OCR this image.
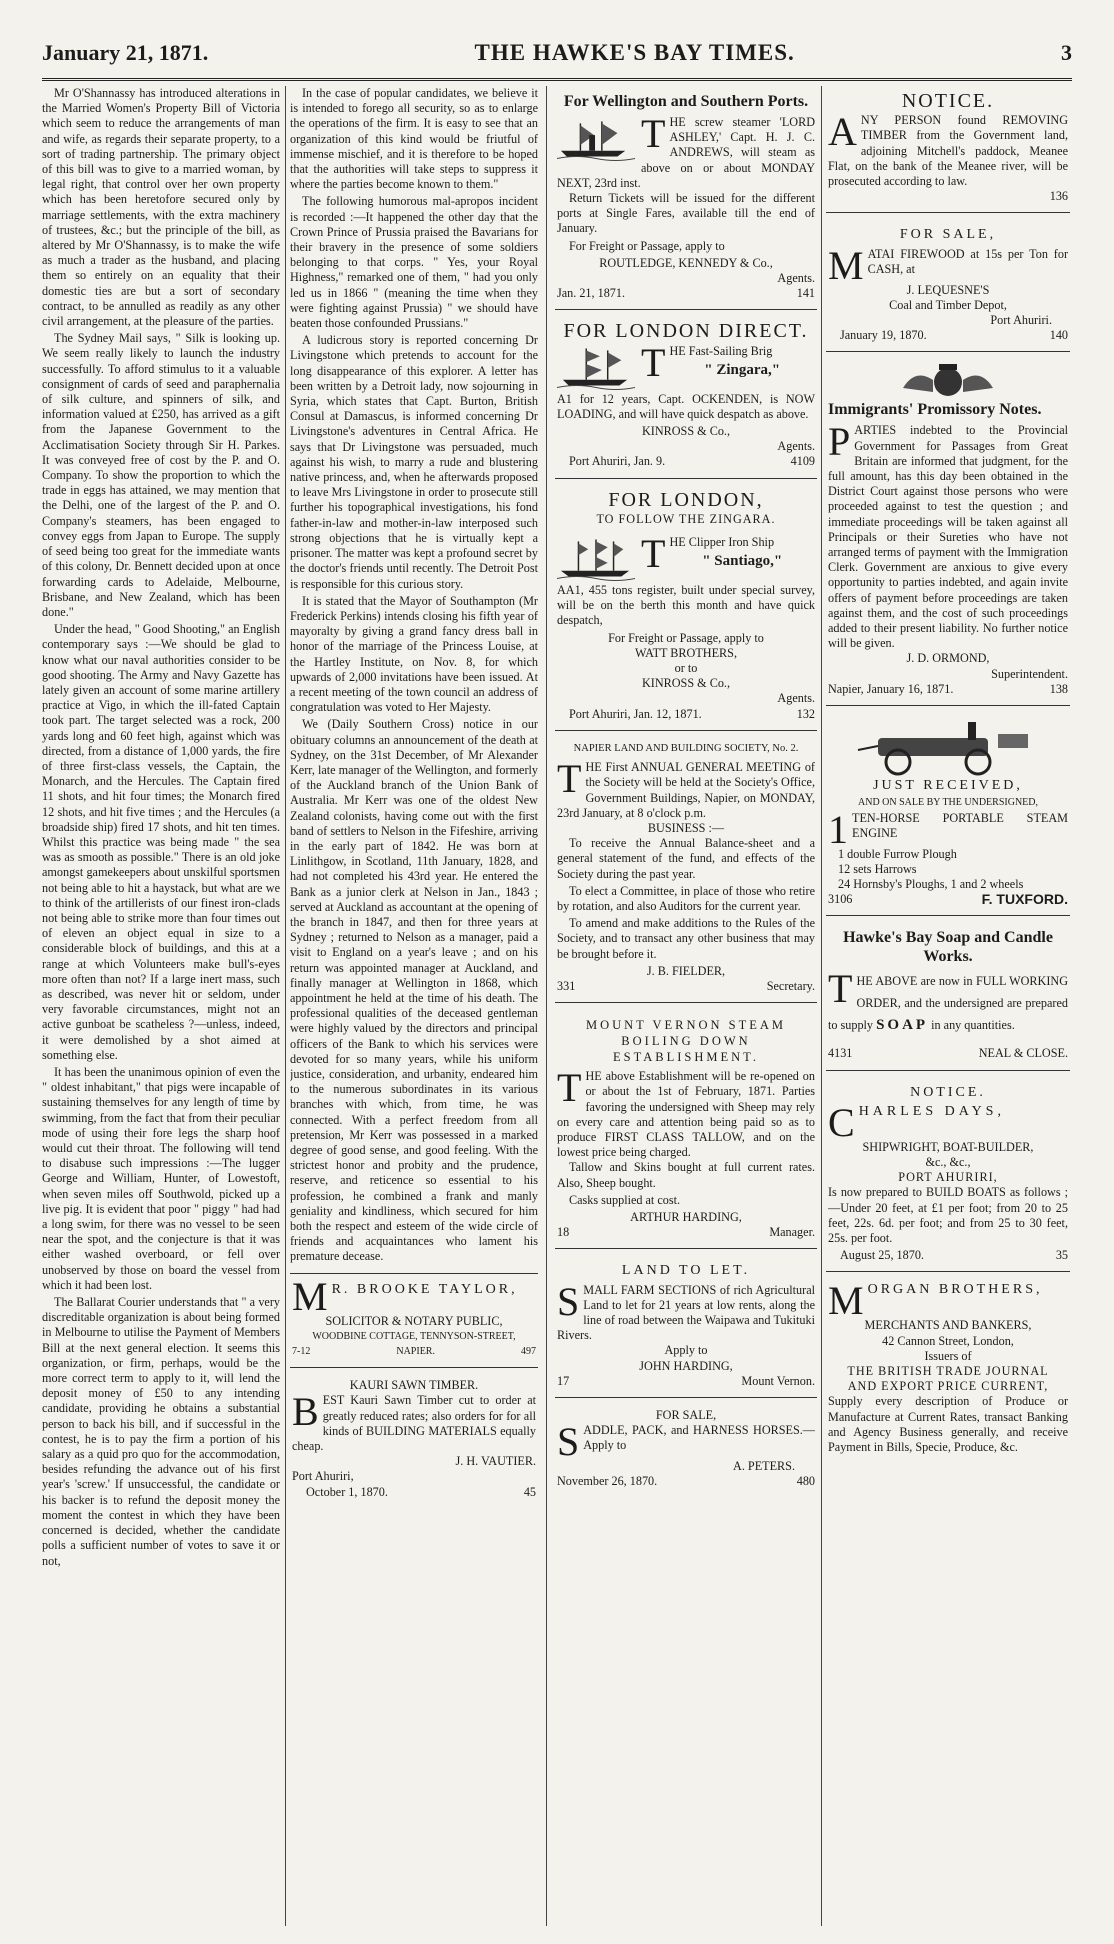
January 21, 1871.	THE HAWKE'S BAY TIMES.	3

Mr O'Shannassy has introduced alterations in the Married Women's Property Bill of Victoria which seem to reduce the arrangements of man and wife, as regards their separate property, to a sort of trading partnership. The primary object of this bill was to give to a married woman, by legal right, that control over her own property which has been heretofore secured only by marriage settlements, with the extra machinery of trustees, &c.; but the principle of the bill, as altered by Mr O'Shannassy, is to make the wife as much a trader as the husband, and placing them so entirely on an equality that their domestic ties are but a sort of secondary contract, to be annulled as readily as any other civil arrangement, at the pleasure of the parties.

The Sydney Mail says, " Silk is looking up. We seem really likely to launch the industry successfully. To afford stimulus to it a valuable consignment of cards of seed and paraphernalia of silk culture, and spinners of silk, and information valued at £250, has arrived as a gift from the Japanese Government to the Acclimatisation Society through Sir H. Parkes. It was conveyed free of cost by the P. and O. Company. To show the proportion to which the trade in eggs has attained, we may mention that the Delhi, one of the largest of the P. and O. Company's steamers, has been engaged to convey eggs from Japan to Europe. The supply of seed being too great for the immediate wants of this colony, Dr. Bennett decided upon at once forwarding cards to Adelaide, Melbourne, Brisbane, and New Zealand, which has been done."

Under the head, " Good Shooting," an English contemporary says :—We should be glad to know what our naval authorities consider to be good shooting. The Army and Navy Gazette has lately given an account of some marine artillery practice at Vigo, in which the ill-fated Captain took part. The target selected was a rock, 200 yards long and 60 feet high, against which was directed, from a distance of 1,000 yards, the fire of three first-class vessels, the Captain, the Monarch, and the Hercules. The Captain fired 11 shots, and hit four times; the Monarch fired 12 shots, and hit five times ; and the Hercules (a broadside ship) fired 17 shots, and hit ten times. Whilst this practice was being made " the sea was as smooth as possible." There is an old joke amongst gamekeepers about unskilful sportsmen not being able to hit a haystack, but what are we to think of the artillerists of our finest iron-clads not being able to strike more than four times out of eleven an object equal in size to a considerable block of buildings, and this at a range at which Volunteers make bull's-eyes more often than not? If a large inert mass, such as described, was never hit or seldom, under very favorable circumstances, might not an active gunboat be scatheless ?—unless, indeed, it were demolished by a shot aimed at something else.

It has been the unanimous opinion of even the " oldest inhabitant," that pigs were incapable of sustaining themselves for any length of time by swimming, from the fact that from their peculiar mode of using their fore legs the sharp hoof would cut their throat. The following will tend to disabuse such impressions :—The lugger George and William, Hunter, of Lowestoft, when seven miles off Southwold, picked up a live pig. It is evident that poor " piggy " had had a long swim, for there was no vessel to be seen near the spot, and the conjecture is that it was either washed overboard, or fell over unobserved by those on board the vessel from which it had been lost.

The Ballarat Courier understands that " a very discreditable organization is about being formed in Melbourne to utilise the Payment of Members Bill at the next general election. It seems this organization, or firm, perhaps, would be the more correct term to apply to it, will lend the deposit money of £50 to any intending candidate, providing he obtains a substantial person to back his bill, and if successful in the contest, he is to pay the firm a portion of his salary as a quid pro quo for the accommodation, besides refunding the advance out of his first year's 'screw.' If unsuccessful, the candidate or his backer is to refund the deposit money the moment the contest in which they have been concerned is decided, whether the candidate polls a sufficient number of votes to save it or not,

In the case of popular candidates, we believe it is intended to forego all security, so as to enlarge the operations of the firm. It is easy to see that an organization of this kind would be friutful of immense mischief, and it is therefore to be hoped that the authorities will take steps to suppress it where the parties become known to them."

The following humorous mal-apropos incident is recorded :—It happened the other day that the Crown Prince of Prussia praised the Bavarians for their bravery in the presence of some soldiers belonging to that corps. " Yes, your Royal Highness," remarked one of them, " had you only led us in 1866 " (meaning the time when they were fighting against Prussia) " we should have beaten those confounded Prussians."

A ludicrous story is reported concerning Dr Livingstone which pretends to account for the long disappearance of this explorer. A letter has been written by a Detroit lady, now sojourning in Syria, which states that Capt. Burton, British Consul at Damascus, is informed concerning Dr Livingstone's adventures in Central Africa. He says that Dr Livingstone was persuaded, much against his wish, to marry a rude and blustering native princess, and, when he afterwards proposed to leave Mrs Livingstone in order to prosecute still further his topographical investigations, his fond father-in-law and mother-in-law interposed such strong objections that he is virtually kept a prisoner. The matter was kept a profound secret by the doctor's friends until recently. The Detroit Post is responsible for this curious story.

It is stated that the Mayor of Southampton (Mr Frederick Perkins) intends closing his fifth year of mayoralty by giving a grand fancy dress ball in honor of the marriage of the Princess Louise, at the Hartley Institute, on Nov. 8, for which upwards of 2,000 invitations have been issued. At a recent meeting of the town council an address of congratulation was voted to Her Majesty.

We (Daily Southern Cross) notice in our obituary columns an announcement of the death at Sydney, on the 31st December, of Mr Alexander Kerr, late manager of the Wellington, and formerly of the Auckland branch of the Union Bank of Australia. Mr Kerr was one of the oldest New Zealand colonists, having come out with the first band of settlers to Nelson in the Fifeshire, arriving in the early part of 1842. He was born at Linlithgow, in Scotland, 11th January, 1828, and had not completed his 43rd year. He entered the Bank as a junior clerk at Nelson in Jan., 1843 ; served at Auckland as accountant at the opening of the branch in 1847, and then for three years at Sydney ; returned to Nelson as a manager, paid a visit to England on a year's leave ; and on his return was appointed manager at Auckland, and finally manager at Wellington in 1868, which appointment he held at the time of his death. The professional qualities of the deceased gentleman were highly valued by the directors and principal officers of the Bank to which his services were devoted for so many years, while his uniform justice, consideration, and urbanity, endeared him to the numerous subordinates in its various branches with which, from time, he was connected. With a perfect freedom from all pretension, Mr Kerr was possessed in a marked degree of good sense, and good feeling. With the strictest honor and probity and the prudence, reserve, and reticence so essential to his profession, he combined a frank and manly geniality and kindliness, which secured for him both the respect and esteem of the wide circle of friends and acquaintances who lament his premature decease.

M R. BROOKE TAYLOR,
SOLICITOR & NOTARY PUBLIC,
WOODBINE COTTAGE, TENNYSON-STREET,
7-12	NAPIER.	497
KAURI SAWN TIMBER.
B EST Kauri Sawn Timber cut to order at greatly reduced rates; also orders for for all kinds of BUILDING MATERIALS equally cheap.
J. H. VAUTIER.
Port Ahuriri,
October 1, 1870.	45
For Wellington and Southern Ports.
T HE screw steamer 'LORD ASHLEY,' Capt. H. J. C. ANDREWS, will steam as above on or about MONDAY NEXT, 23rd inst.

Return Tickets will be issued for the different ports at Single Fares, available till the end of January.

For Freight or Passage, apply to

ROUTLEDGE, KENNEDY & Co.,
Agents.
Jan. 21, 1871.	141
FOR LONDON DIRECT.
T HE Fast-Sailing Brig
" Zingara,"

A1 for 12 years, Capt. OCKENDEN, is NOW LOADING, and will have quick despatch as above.

KINROSS & Co.,
Agents.
Port Ahuriri, Jan. 9.	4109
FOR LONDON,
TO FOLLOW THE ZINGARA.
T HE Clipper Iron Ship
" Santiago,"

AA1, 455 tons register, built under special survey, will be on the berth this month and have quick despatch,

For Freight or Passage, apply to
WATT BROTHERS,
or to
KINROSS & Co.,
Agents.
Port Ahuriri, Jan. 12, 1871.	132
NAPIER LAND AND BUILDING SOCIETY, No. 2.
T HE First ANNUAL GENERAL MEETING of the Society will be held at the Society's Office, Government Buildings, Napier, on MONDAY, 23rd January, at 8 o'clock p.m.
BUSINESS :—

To receive the Annual Balance-sheet and a general statement of the fund, and effects of the Society during the past year.

To elect a Committee, in place of those who retire by rotation, and also Auditors for the current year.

To amend and make additions to the Rules of the Society, and to transact any other business that may be brought before it.

J. B. FIELDER,
331	Secretary.
MOUNT VERNON STEAM BOILING DOWN ESTABLISHMENT.
T HE above Establishment will be re-opened on or about the 1st of February, 1871. Parties favoring the undersigned with Sheep may rely on every care and attention being paid so as to produce FIRST CLASS TALLOW, and on the lowest price being charged.

Tallow and Skins bought at full current rates. Also, Sheep bought.

Casks supplied at cost.

ARTHUR HARDING,
18	Manager.
LAND TO LET.
S MALL FARM SECTIONS of rich Agricultural Land to let for 21 years at low rents, along the line of road between the Waipawa and Tukituki Rivers.
Apply to
JOHN HARDING,
17	Mount Vernon.
FOR SALE,
S ADDLE, PACK, and HARNESS HORSES.—Apply to
A. PETERS.
November 26, 1870.	480
NOTICE.
A NY PERSON found REMOVING TIMBER from the Government land, adjoining Mitchell's paddock, Meanee Flat, on the bank of the Meanee river, will be prosecuted according to law.
136
FOR SALE,
M ATAI FIREWOOD at 15s per Ton for CASH, at
J. LEQUESNE'S
Coal and Timber Depot,
Port Ahuriri.
January 19, 1870.	140
Immigrants' Promissory Notes.
P ARTIES indebted to the Provincial Government for Passages from Great Britain are informed that judgment, for the full amount, has this day been obtained in the District Court against those persons who were proceeded against to test the question ; and immediate proceedings will be taken against all Principals or their Sureties who have not arranged terms of payment with the Immigration Clerk. Government are anxious to give every opportunity to parties indebted, and again invite offers of payment before proceedings are taken against them, and the cost of such proceedings added to their present liability. No further notice will be given.
J. D. ORMOND,
Superintendent.
Napier, January 16, 1871.	138
JUST RECEIVED,
AND ON SALE BY THE UNDERSIGNED,
1 TEN-HORSE PORTABLE STEAM ENGINE
1 double Furrow Plough
12 sets Harrows
24 Hornsby's Ploughs, 1 and 2 wheels
3106	F. TUXFORD.
Hawke's Bay Soap and Candle Works.
T HE ABOVE are now in FULL WORKING ORDER, and the undersigned are prepared to supply SOAP in any quantities.
4131	NEAL & CLOSE.
NOTICE.
C HARLES DAYS,
SHIPWRIGHT, BOAT-BUILDER,
&c., &c.,
PORT AHURIRI,

Is now prepared to BUILD BOATS as follows ;—Under 20 feet, at £1 per foot; from 20 to 25 feet, 22s. 6d. per foot; and from 25 to 30 feet, 25s. per foot.

August 25, 1870.	35
M ORGAN BROTHERS,
MERCHANTS AND BANKERS,
42 Cannon Street, London,
Issuers of
THE BRITISH TRADE JOURNAL
AND EXPORT PRICE CURRENT,

Supply every description of Produce or Manufacture at Current Rates, transact Banking and Agency Business generally, and receive Payment in Bills, Specie, Produce, &c.
